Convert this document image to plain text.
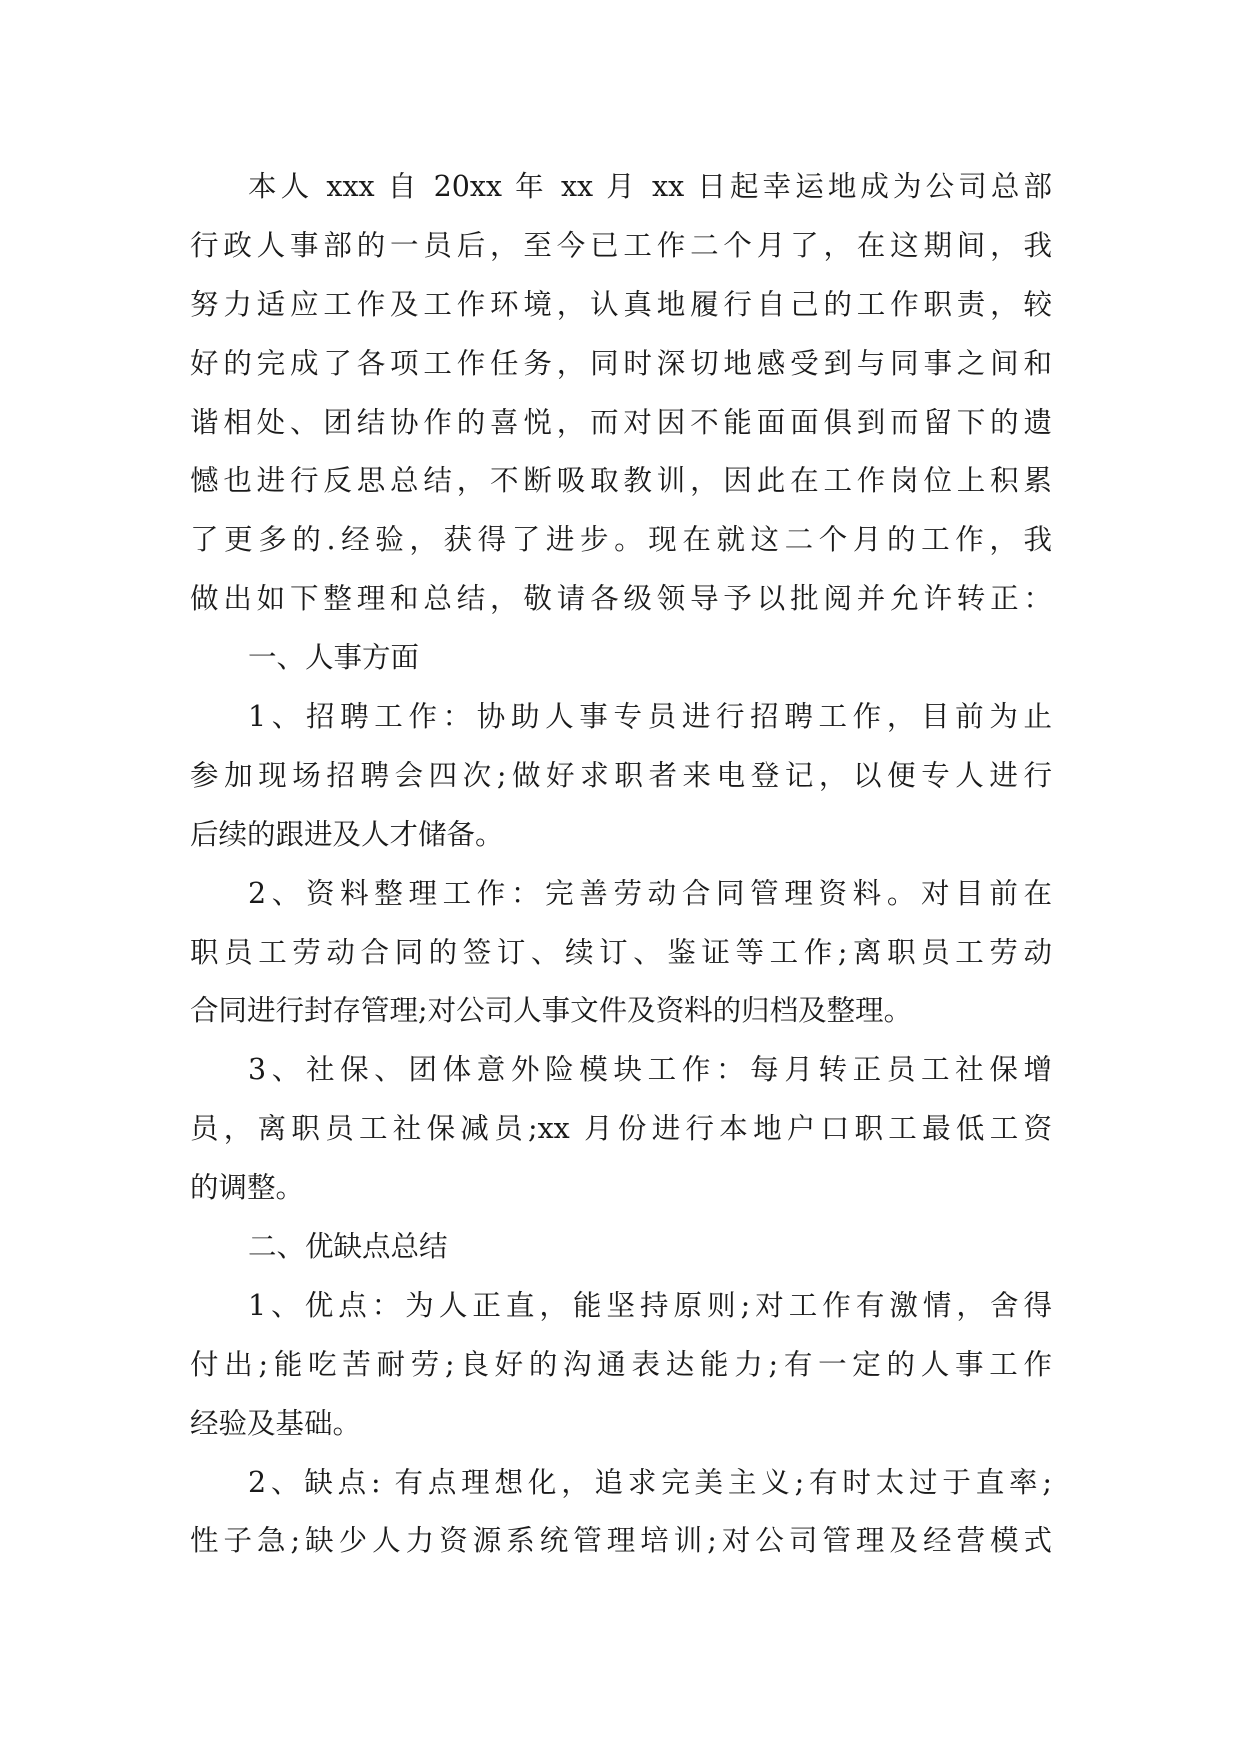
本人 xxx 自 20xx 年 xx 月 xx 日起幸运地成为公司总部
行政人事部的一员后，至今已工作二个月了，在这期间，我
努力适应工作及工作环境，认真地履行自己的工作职责，较
好的完成了各项工作任务，同时深切地感受到与同事之间和
谐相处、团结协作的喜悦，而对因不能面面俱到而留下的遗
憾也进行反思总结，不断吸取教训，因此在工作岗位上积累
了更多的.经验，获得了进步。现在就这二个月的工作，我
做出如下整理和总结，敬请各级领导予以批阅并允许转正：
一、人事方面
1、招聘工作：协助人事专员进行招聘工作，目前为止
参加现场招聘会四次;做好求职者来电登记，以便专人进行
后续的跟进及人才储备。
2、资料整理工作：完善劳动合同管理资料。对目前在
职员工劳动合同的签订、续订、鉴证等工作;离职员工劳动
合同进行封存管理;对公司人事文件及资料的归档及整理。
3、社保、团体意外险模块工作：每月转正员工社保增
员，离职员工社保减员;xx 月份进行本地户口职工最低工资
的调整。
二、优缺点总结
1、优点：为人正直，能坚持原则;对工作有激情，舍得
付出;能吃苦耐劳;良好的沟通表达能力;有一定的人事工作
经验及基础。
2、缺点: 有点理想化，追求完美主义;有时太过于直率;
性子急;缺少人力资源系统管理培训;对公司管理及经营模式
